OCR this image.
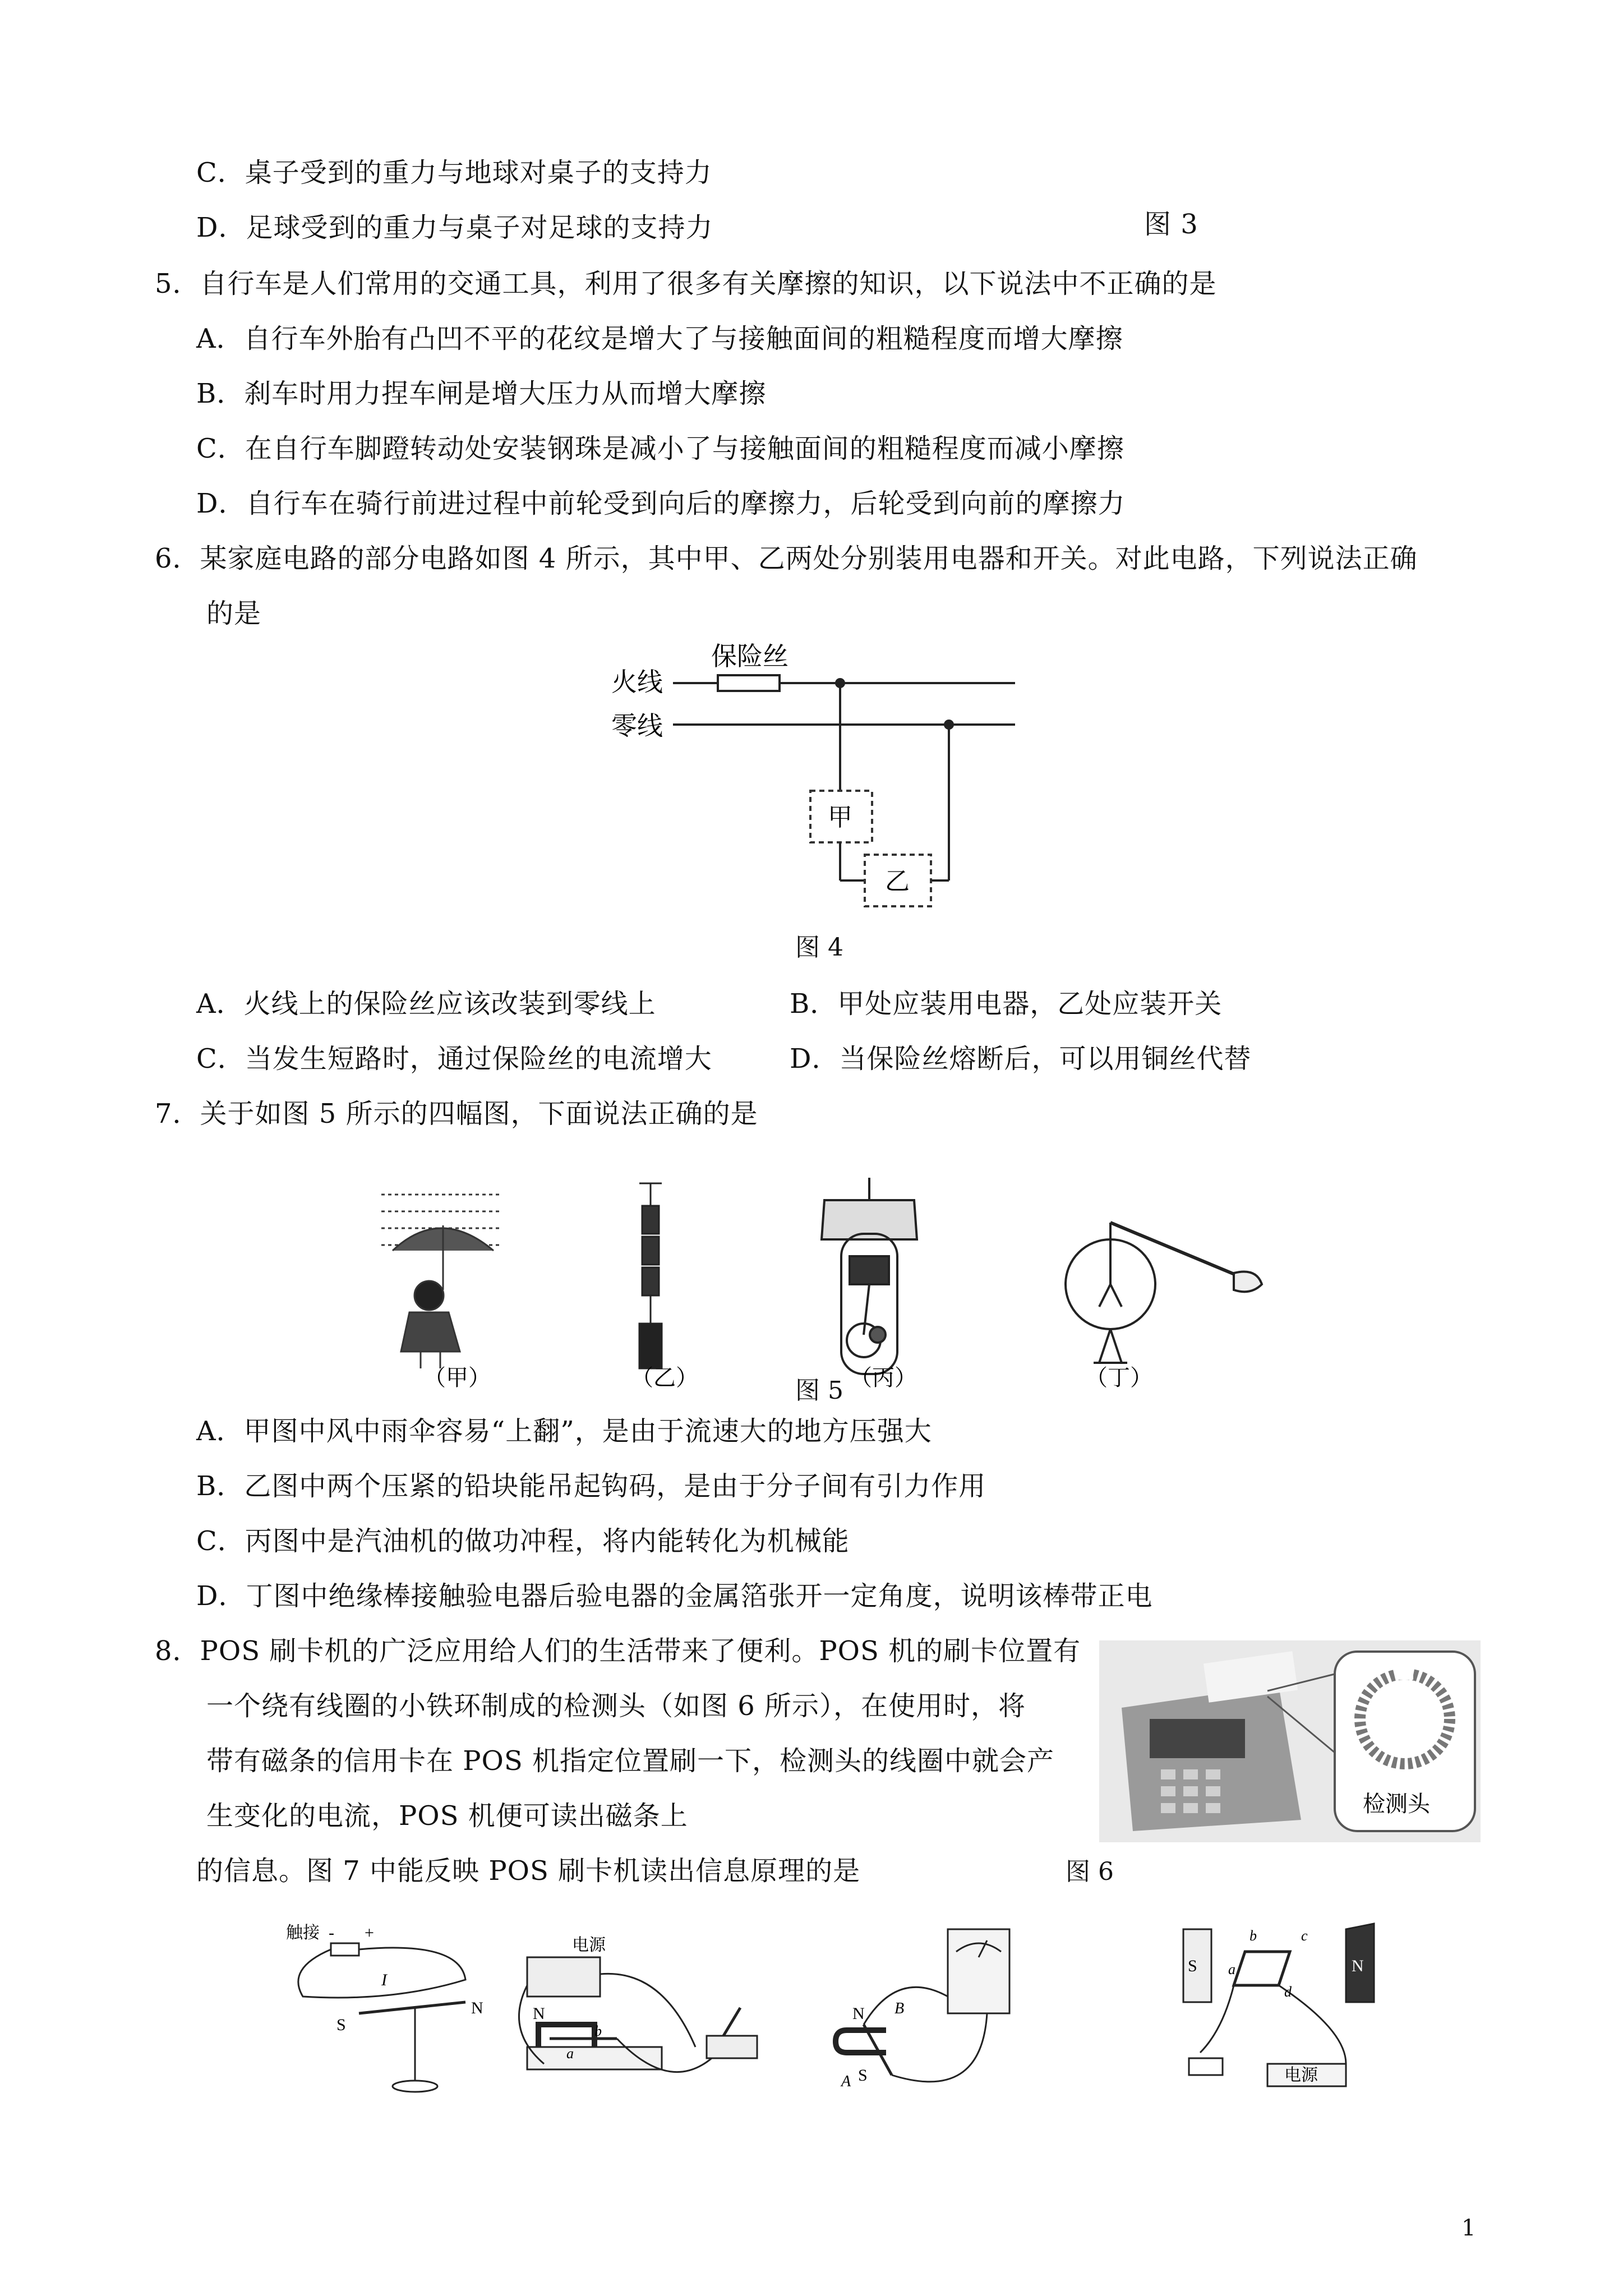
C．桌子受到的重力与地球对桌子的支持力
D．足球受到的重力与桌子对足球的支持力	图 3
5．自行车是人们常用的交通工具，利用了很多有关摩擦的知识，以下说法中不正确的是
A．自行车外胎有凸凹不平的花纹是增大了与接触面间的粗糙程度而增大摩擦
B．刹车时用力捏车闸是增大压力从而增大摩擦
C．在自行车脚蹬转动处安装钢珠是减小了与接触面间的粗糙程度而减小摩擦
D．自行车在骑行前进过程中前轮受到向后的摩擦力，后轮受到向前的摩擦力
6．某家庭电路的部分电路如图 4 所示，其中甲、乙两处分别装用电器和开关。对此电路，下列说法正确
的是
火线
零线
保险丝
甲
乙
图 4
A．火线上的保险丝应该改装到零线上	B．甲处应装用电器，乙处应装开关
C．当发生短路时，通过保险丝的电流增大	D．当保险丝熔断后，可以用铜丝代替
7．关于如图 5 所示的四幅图，下面说法正确的是
（甲）	（乙）	（丙）	（丁）
图 5
A．甲图中风中雨伞容易“上翻”，是由于流速大的地方压强大
B．乙图中两个压紧的铅块能吊起钩码，是由于分子间有引力作用
C．丙图中是汽油机的做功冲程，将内能转化为机械能
D．丁图中绝缘棒接触验电器后验电器的金属箔张开一定角度，说明该棒带正电
8．POS 刷卡机的广泛应用给人们的生活带来了便利。POS 机的刷卡位置有
一个绕有线圈的小铁环制成的检测头（如图 6 所示），在使用时，将
带有磁条的信用卡在 POS 机指定位置刷一下，检测头的线圈中就会产
生变化的电流，POS 机便可读出磁条上
的信息。图 7 中能反映 POS 刷卡机读出信息原理的是
检测头
图 6
触接 - +
I
S
N
电源
N
a
b
N
S
A
B
S	N
a
b	c
d
电源
1
